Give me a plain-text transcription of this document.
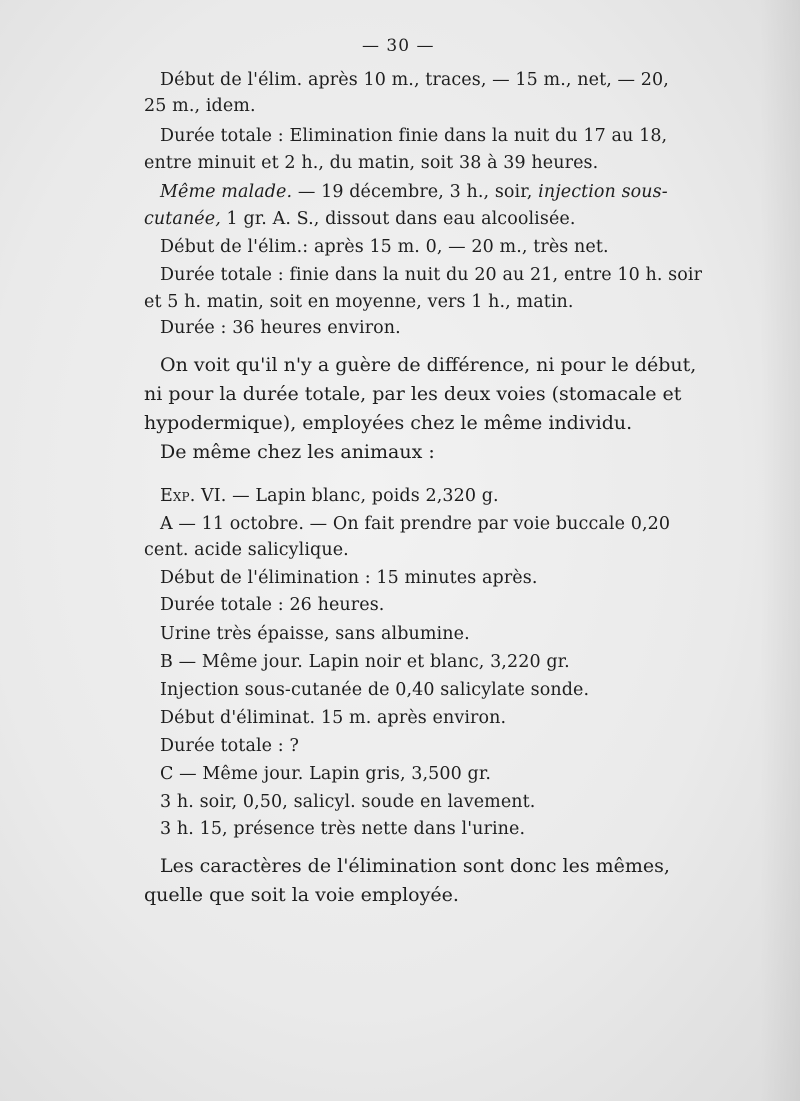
— 30 —
Début de l'élim. après 10 m., traces, — 15 m., net, — 20,
25 m., idem.
Durée totale : Elimination finie dans la nuit du 17 au 18,
entre minuit et 2 h., du matin, soit 38 à 39 heures.
Même malade. — 19 décembre, 3 h., soir, injection sous-
cutanée, 1 gr. A. S., dissout dans eau alcoolisée.
Début de l'élim.: après 15 m. 0, — 20 m., très net.
Durée totale : finie dans la nuit du 20 au 21, entre 10 h. soir
et 5 h. matin, soit en moyenne, vers 1 h., matin.
Durée : 36 heures environ.
On voit qu'il n'y a guère de différence, ni pour le début,
ni pour la durée totale, par les deux voies (stomacale et
hypodermique), employées chez le même individu.
De même chez les animaux :
Exp. VI. — Lapin blanc, poids 2,320 g.
A — 11 octobre. — On fait prendre par voie buccale 0,20
cent. acide salicylique.
Début de l'élimination : 15 minutes après.
Durée totale : 26 heures.
Urine très épaisse, sans albumine.
B — Même jour. Lapin noir et blanc, 3,220 gr.
Injection sous-cutanée de 0,40 salicylate sonde.
Début d'éliminat. 15 m. après environ.
Durée totale : ?
C — Même jour. Lapin gris, 3,500 gr.
3 h. soir, 0,50, salicyl. soude en lavement.
3 h. 15, présence très nette dans l'urine.
Les caractères de l'élimination sont donc les mêmes,
quelle que soit la voie employée.
